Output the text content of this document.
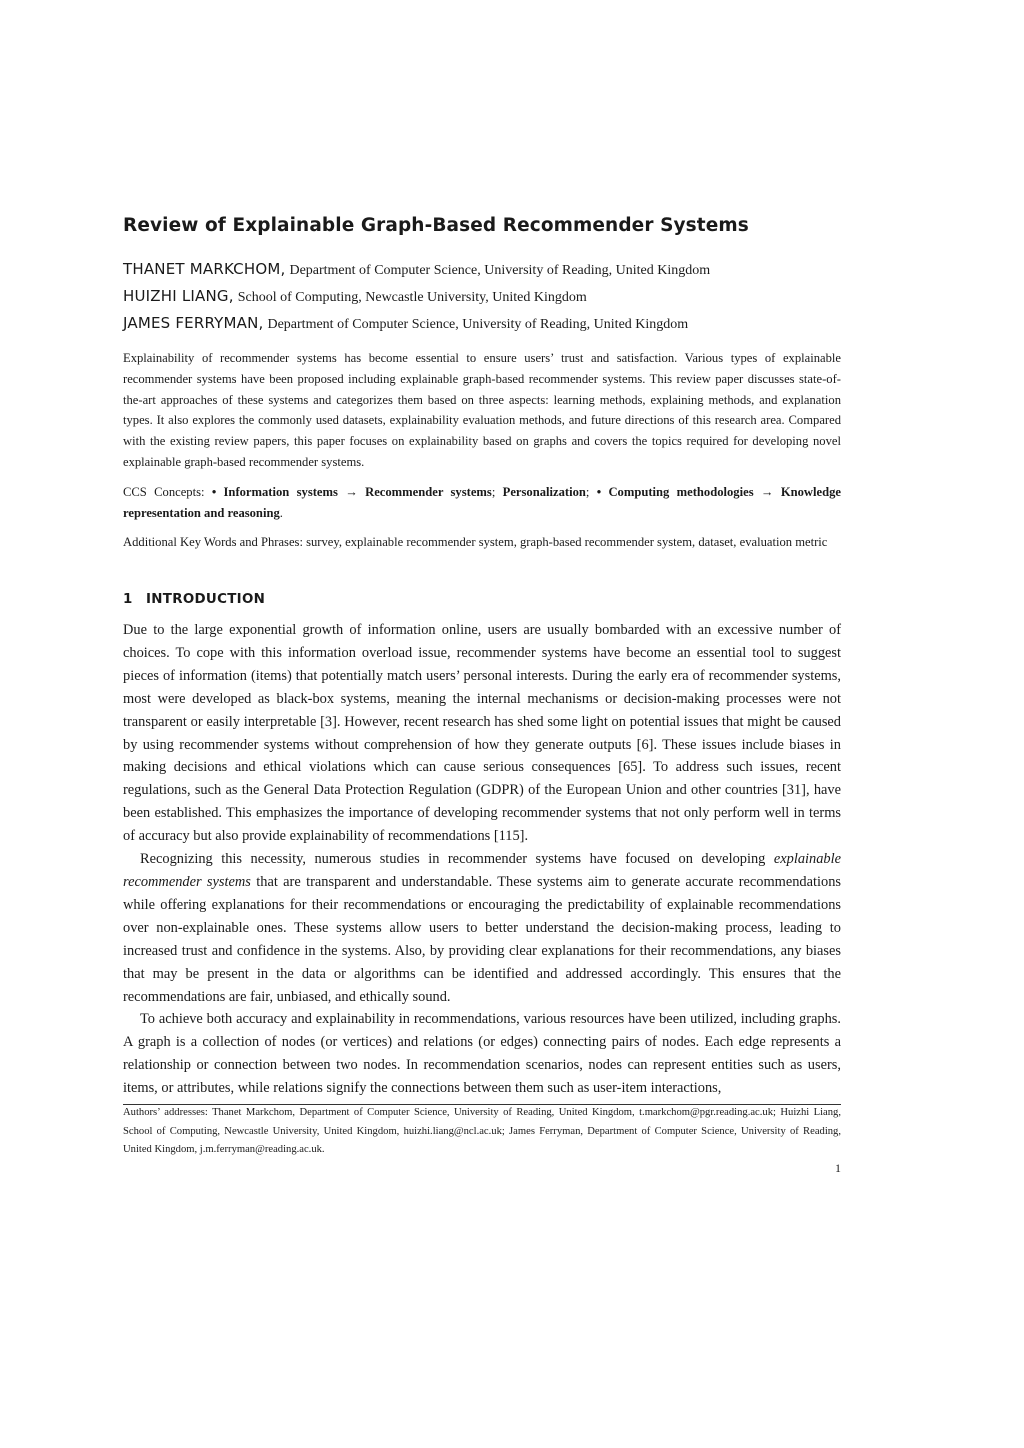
Review of Explainable Graph-Based Recommender Systems
THANET MARKCHOM, Department of Computer Science, University of Reading, United Kingdom
HUIZHI LIANG, School of Computing, Newcastle University, United Kingdom
JAMES FERRYMAN, Department of Computer Science, University of Reading, United Kingdom

Explainability of recommender systems has become essential to ensure users’ trust and satisfaction. Various types of explainable recommender systems have been proposed including explainable graph-based recommender systems. This review paper discusses state-of-the-art approaches of these systems and categorizes them based on three aspects: learning methods, explaining methods, and explanation types. It also explores the commonly used datasets, explainability evaluation methods, and future directions of this research area. Compared with the existing review papers, this paper focuses on explainability based on graphs and covers the topics required for developing novel explainable graph-based recommender systems.

CCS Concepts: • Information systems → Recommender systems; Personalization; • Computing methodologies → Knowledge representation and reasoning.

Additional Key Words and Phrases: survey, explainable recommender system, graph-based recommender system, dataset, evaluation metric

1 INTRODUCTION

Due to the large exponential growth of information online, users are usually bombarded with an excessive number of choices. To cope with this information overload issue, recommender systems have become an essential tool to suggest pieces of information (items) that potentially match users’ personal interests. During the early era of recommender systems, most were developed as black-box systems, meaning the internal mechanisms or decision-making processes were not transparent or easily interpretable [3]. However, recent research has shed some light on potential issues that might be caused by using recommender systems without comprehension of how they generate outputs [6]. These issues include biases in making decisions and ethical violations which can cause serious consequences [65]. To address such issues, recent regulations, such as the General Data Protection Regulation (GDPR) of the European Union and other countries [31], have been established. This emphasizes the importance of developing recommender systems that not only perform well in terms of accuracy but also provide explainability of recommendations [115].

Recognizing this necessity, numerous studies in recommender systems have focused on developing explainable recommender systems that are transparent and understandable. These systems aim to generate accurate recommendations while offering explanations for their recommendations or encouraging the predictability of explainable recommendations over non-explainable ones. These systems allow users to better understand the decision-making process, leading to increased trust and confidence in the systems. Also, by providing clear explanations for their recommendations, any biases that may be present in the data or algorithms can be identified and addressed accordingly. This ensures that the recommendations are fair, unbiased, and ethically sound.

To achieve both accuracy and explainability in recommendations, various resources have been utilized, including graphs. A graph is a collection of nodes (or vertices) and relations (or edges) connecting pairs of nodes. Each edge represents a relationship or connection between two nodes. In recommendation scenarios, nodes can represent entities such as users, items, or attributes, while relations signify the connections between them such as user-item interactions,

Authors’ addresses: Thanet Markchom, Department of Computer Science, University of Reading, United Kingdom, t.markchom@pgr.reading.ac.uk; Huizhi Liang, School of Computing, Newcastle University, United Kingdom, huizhi.liang@ncl.ac.uk; James Ferryman, Department of Computer Science, University of Reading, United Kingdom, j.m.ferryman@reading.ac.uk.

1
